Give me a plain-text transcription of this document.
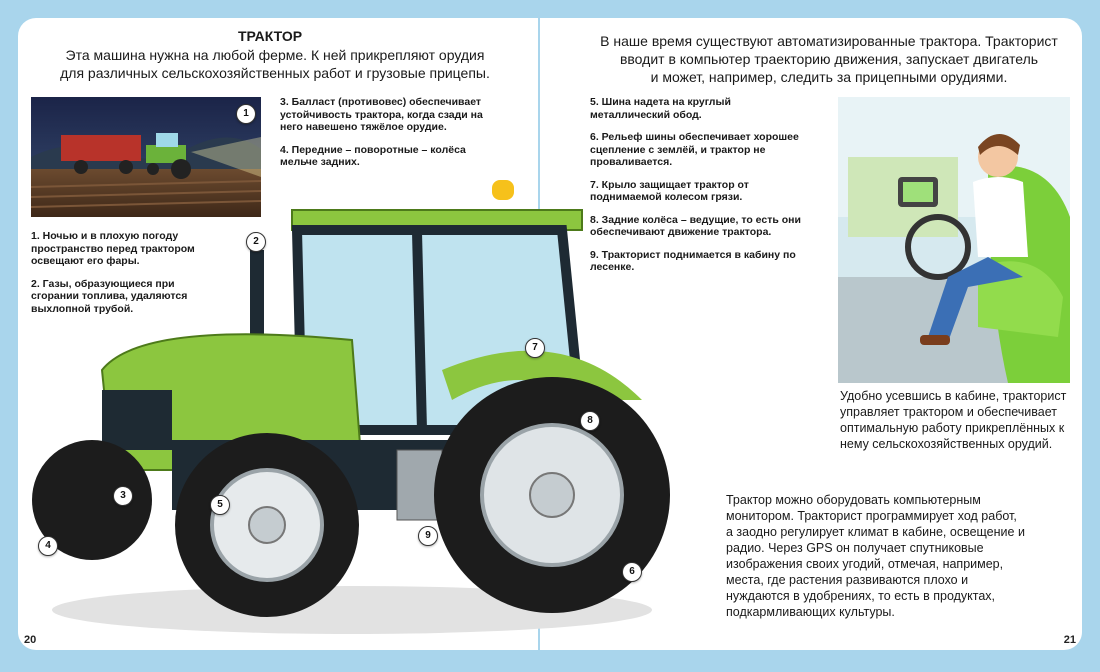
20	21
ТРАКТОР
Эта машина нужна на любой ферме. К ней прикрепляют орудия
для различных сельскохозяйственных работ и грузовые прицепы.
В наше время существуют автоматизированные трактора. Тракторист
вводит в компьютер траекторию движения, запускает двигатель
и может, например, следить за прицепными орудиями.

1. Ночью и в плохую погоду пространство перед трактором освещают его фары.

2. Газы, образующиеся при сгорании топлива, удаляются выхлопной трубой.

3. Балласт (противовес) обеспечивает устойчивость трактора, когда сзади на него навешено тяжёлое орудие.

4. Передние – поворотные – колёса мельче задних.

5. Шина надета на круглый металлический обод.

6. Рельеф шины обеспечивает хорошее сцепление с землёй, и трактор не проваливается.

7. Крыло защищает трактор от поднимаемой колесом грязи.

8. Задние колёса – ведущие, то есть они обеспечивают движение трактора.

9. Тракторист поднимается в кабину по лесенке.

Удобно усевшись в кабине, тракторист управляет трактором и обеспечивает оптимальную работу прикреплённых к нему сельскохозяйственных орудий.
Трактор можно оборудовать компьютерным монитором. Тракторист программирует ход работ, а заодно регулирует климат в кабине, освещение и радио. Через GPS он получает спутниковые изображения своих угодий, отмечая, например, места, где растения развиваются плохо и нуждаются в удобрениях, то есть в продуктах, подкармливающих культуры.
1
2
3
4
5
6
7
8
9
